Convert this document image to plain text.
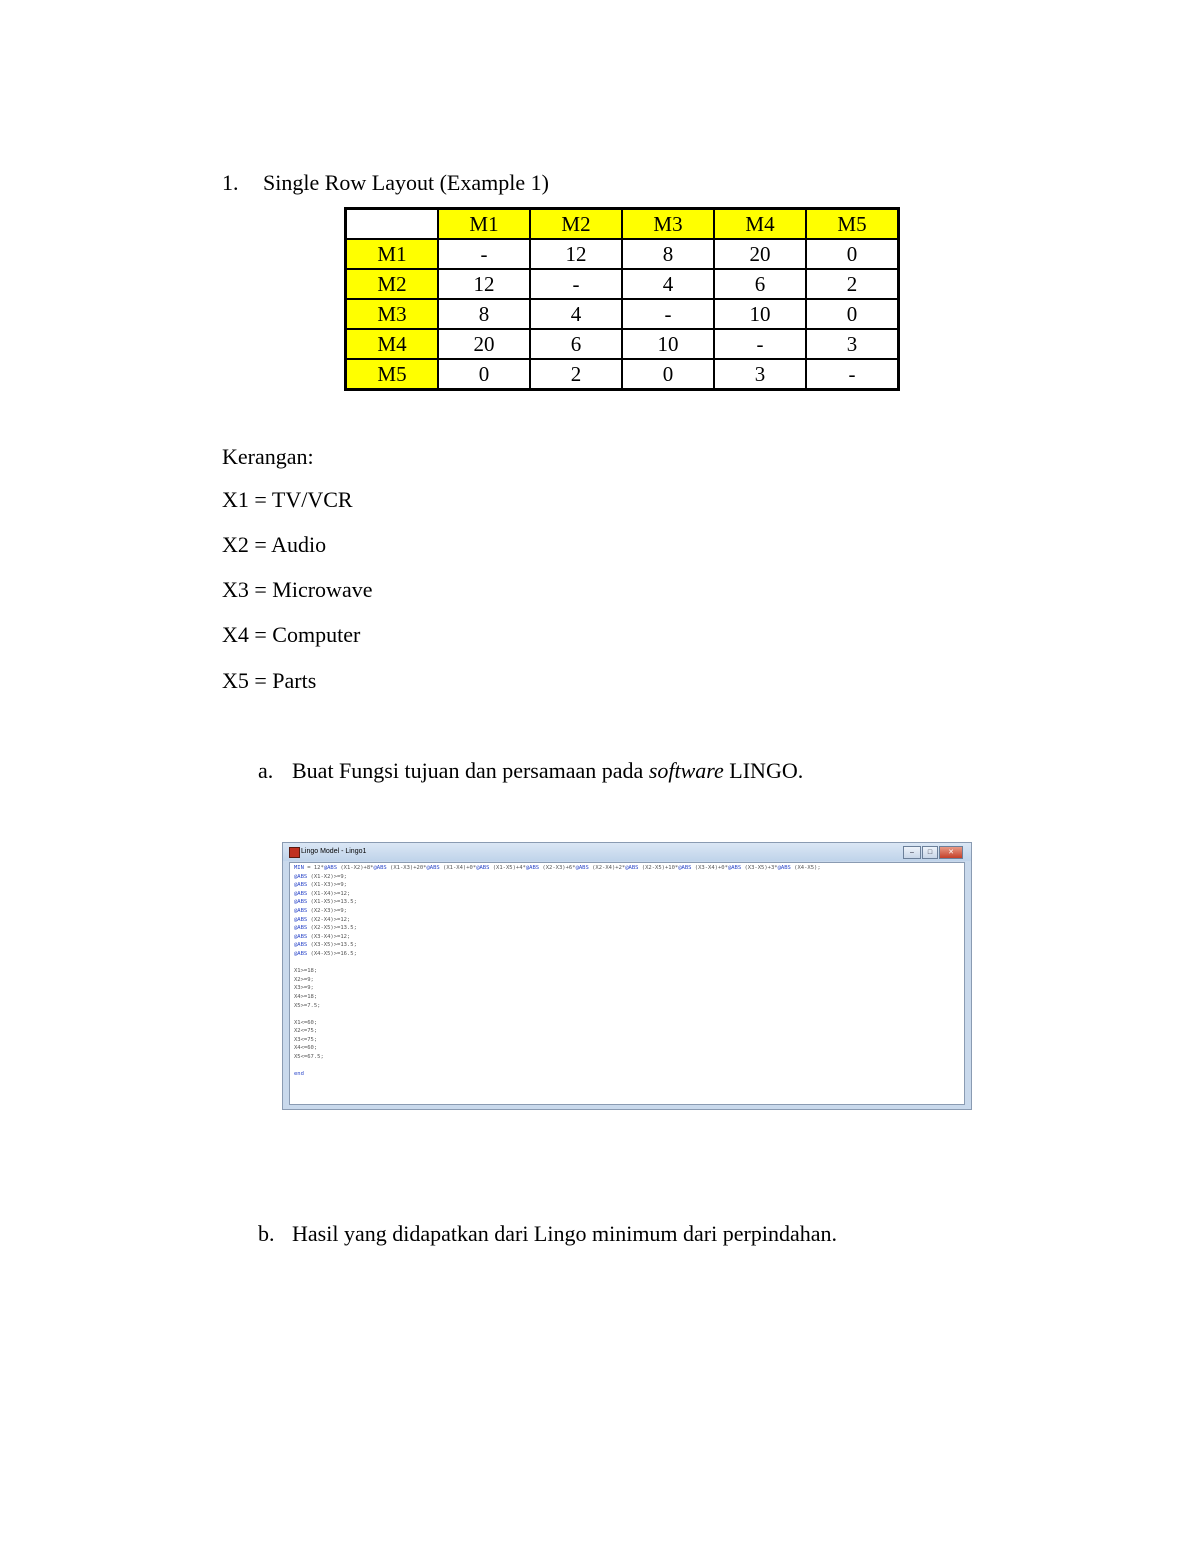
1. Single Row Layout (Example 1)
	M1	M2	M3	M4	M5
M1	-	12	8	20	0
M2	12	-	4	6	2
M3	8	4	-	10	0
M4	20	6	10	-	3
M5	0	2	0	3	-
Kerangan:
X1 = TV/VCR
X2 = Audio
X3 = Microwave
X4 = Computer
X5 = Parts
a. Buat Fungsi tujuan dan persamaan pada software LINGO.
Lingo Model - Lingo1	–	□	✕
MIN = 12*@ABS (X1-X2)+8*@ABS (X1-X3)+20*@ABS (X1-X4)+0*@ABS (X1-X5)+4*@ABS (X2-X3)+6*@ABS (X2-X4)+2*@ABS (X2-X5)+10*@ABS (X3-X4)+0*@ABS (X3-X5)+3*@ABS (X4-X5);
@ABS (X1-X2)>=9;
@ABS (X1-X3)>=9;
@ABS (X1-X4)>=12;
@ABS (X1-X5)>=13.5;
@ABS (X2-X3)>=9;
@ABS (X2-X4)>=12;
@ABS (X2-X5)>=13.5;
@ABS (X3-X4)>=12;
@ABS (X3-X5)>=13.5;
@ABS (X4-X5)>=16.5;
X1>=18;
X2>=9;
X3>=9;
X4>=18;
X5>=7.5;
X1<=60;
X2<=75;
X3<=75;
X4<=60;
X5<=67.5;
end
b. Hasil yang didapatkan dari Lingo minimum dari perpindahan.
